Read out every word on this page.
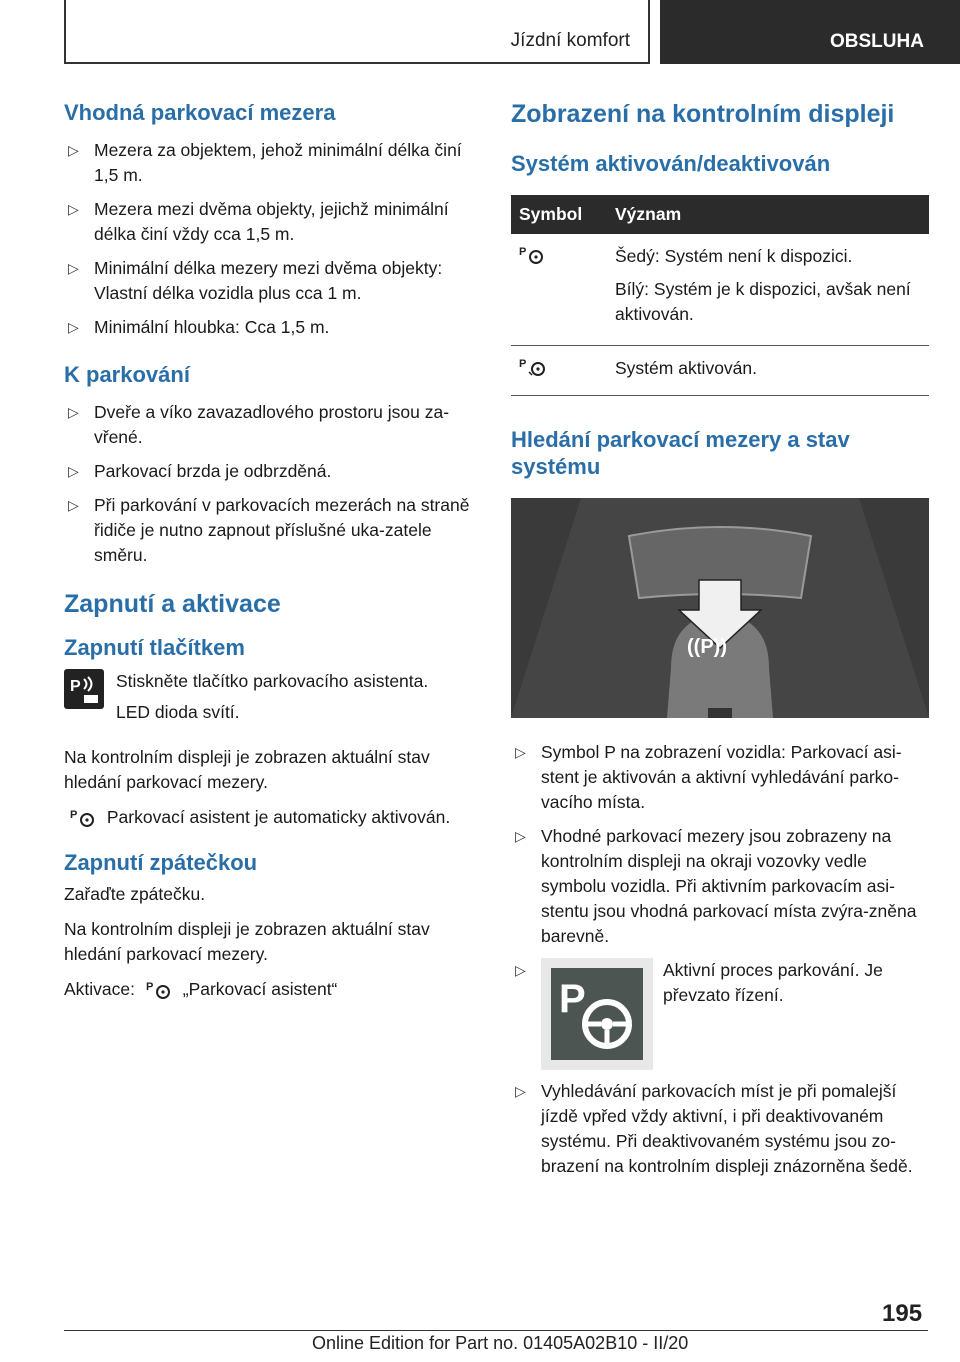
Jízdní komfort	OBSLUHA
Vhodná parkovací mezera
▷ Mezera za objektem, jehož minimální délka činí 1,5 m.
▷ Mezera mezi dvěma objekty, jejichž minimální délka činí vždy cca 1,5 m.
▷ Minimální délka mezery mezi dvěma objekty: Vlastní délka vozidla plus cca 1 m.
▷ Minimální hloubka: Cca 1,5 m.
K parkování
▷ Dveře a víko zavazadlového prostoru jsou za-vřené.
▷ Parkovací brzda je odbrzděná.
▷ Při parkování v parkovacích mezerách na straně řidiče je nutno zapnout příslušné uka-zatele směru.
Zapnutí a aktivace
Zapnutí tlačítkem
P Stiskněte tlačítko parkovacího asistenta.

LED dioda svítí.

Na kontrolním displeji je zobrazen aktuální stav hledání parkovací mezery.

P Parkovací asistent je automaticky aktivován.

Zapnutí zpátečkou

Zařaďte zpátečku.

Na kontrolním displeji je zobrazen aktuální stav hledání parkovací mezery.

Aktivace: P „Parkovací asistent“

Zobrazení na kontrolním displeji
Systém aktivován/deaktivován
Symbol	Význam

P	Šedý: Systém není k dispozici.

Bílý: Systém je k dispozici, avšak není aktivován.

P	Systém aktivován.
Hledání parkovací mezery a stav systému
((P))
▷ Symbol P na zobrazení vozidla: Parkovací asi-stent je aktivován a aktivní vyhledávání parko-vacího místa.
▷ Vhodné parkovací mezery jsou zobrazeny na kontrolním displeji na okraji vozovky vedle symbolu vozidla. Při aktivním parkovacím asi-stentu jsou vhodná parkovací místa zvýra-zněna barevně.
▷
P
Aktivní proces parkování. Je převzato řízení.
▷ Vyhledávání parkovacích míst je při pomalejší jízdě vpřed vždy aktivní, i při deaktivovaném systému. Při deaktivovaném systému jsou zo-brazení na kontrolním displeji znázorněna šedě.
195
Online Edition for Part no. 01405A02B10 - II/20
